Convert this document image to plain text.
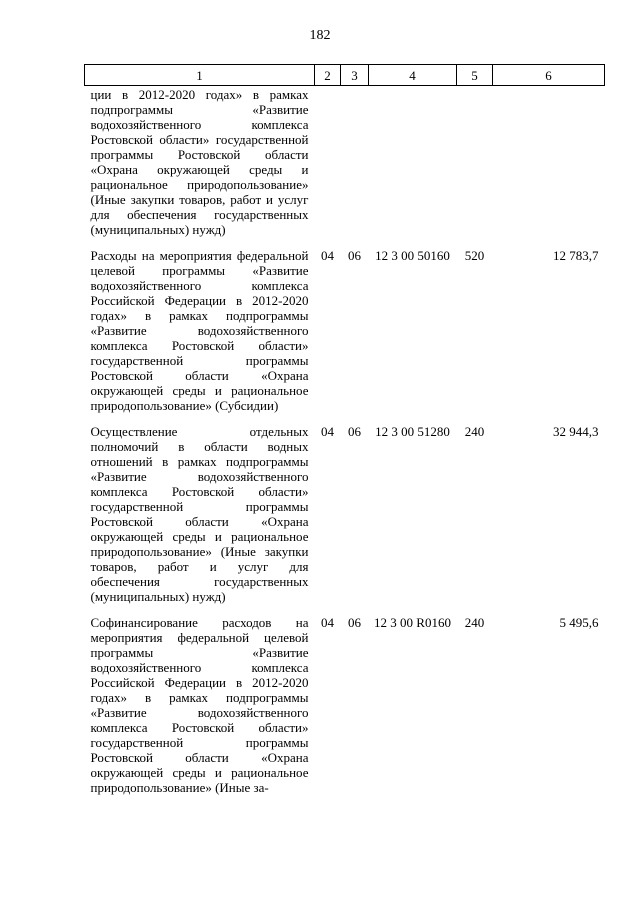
182
1	2	3	4	5	6
ции в 2012-2020 годах» в рамках подпрограммы «Развитие водохозяйственного комплекса Ростовской области» государственной программы Ростовской области «Охрана окружающей среды и рациональное природопользование» (Иные закупки товаров, работ и услуг для обеспечения государственных (муниципальных) нужд)					
Расходы на мероприятия федеральной целевой программы «Развитие водохозяйственного комплекса Российской Федерации в 2012-2020 годах» в рамках подпрограммы «Развитие водохозяйственного комплекса Ростовской области» государственной программы Ростовской области «Охрана окружающей среды и рациональное природопользование» (Субсидии)	04	06	12 3 00 50160	520	12 783,7
Осуществление отдельных полномочий в области водных отношений в рамках подпрограммы «Развитие водохозяйственного комплекса Ростовской области» государственной программы Ростовской области «Охрана окружающей среды и рациональное природопользование» (Иные закупки товаров, работ и услуг для обеспечения государственных (муниципальных) нужд)	04	06	12 3 00 51280	240	32 944,3
Софинансирование расходов на мероприятия федеральной целевой программы «Развитие водохозяйственного комплекса Российской Федерации в 2012-2020 годах» в рамках подпрограммы «Развитие водохозяйственного комплекса Ростовской области» государственной программы Ростовской области «Охрана окружающей среды и рациональное природопользование» (Иные за-	04	06	12 3 00 R0160	240	5 495,6
